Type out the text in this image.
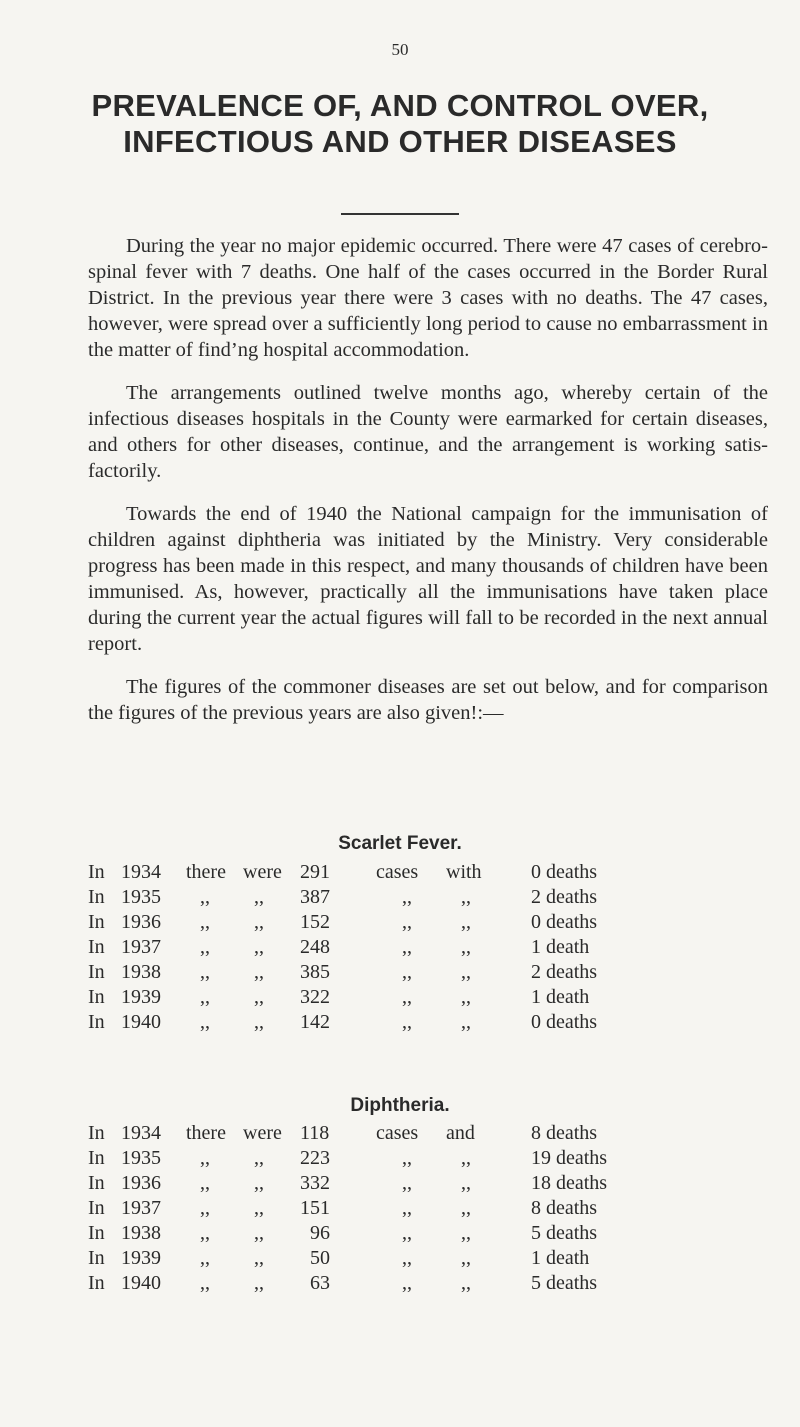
50
PREVALENCE OF, AND CONTROL OVER,
INFECTIOUS AND OTHER DISEASES

During the year no major epidemic occurred. There were 47 cases of cerebro-spinal fever with 7 deaths. One half of the cases occurred in the Border Rural District. In the previous year there were 3 cases with no deaths. The 47 cases, however, were spread over a sufficiently long period to cause no embarrassment in the matter of find’ng hospital accommodation.

The arrangements outlined twelve months ago, whereby certain of the infectious diseases hospitals in the County were earmarked for certain diseases, and others for other diseases, continue, and the arrangement is working satis-factorily.

Towards the end of 1940 the National campaign for the immunisation of children against diphtheria was initiated by the Ministry. Very considerable progress has been made in this respect, and many thousands of children have been immunised. As, however, practically all the immunisations have taken place during the current year the actual figures will fall to be recorded in the next annual report.

The figures of the commoner diseases are set out below, and for comparison the figures of the previous years are also given!:—

Scarlet Fever.
In 1934 there were 291 cases with 0 deaths
In 1935 ,, ,, 387	,, ,,	2 deaths
In 1936 ,, ,, 152	,, ,,	0 deaths
In 1937 ,, ,, 248	,, ,,	1 death
In 1938 ,, ,, 385	,, ,,	2 deaths
In 1939 ,, ,, 322	,, ,,	1 death
In 1940 ,, ,, 142	,, ,,	0 deaths
Diphtheria.
In 1934 there were 118 cases and	8 deaths
In 1935 ,, ,, 223	,, ,,	19 deaths
In 1936 ,, ,, 332	,, ,,	18 deaths
In 1937 ,, ,, 151	,, ,,	8 deaths
In 1938 ,, ,, 96	,, ,,	5 deaths
In 1939 ,, ,, 50	,, ,,	1 death
In 1940 ,, ,, 63	,, ,,	5 deaths
